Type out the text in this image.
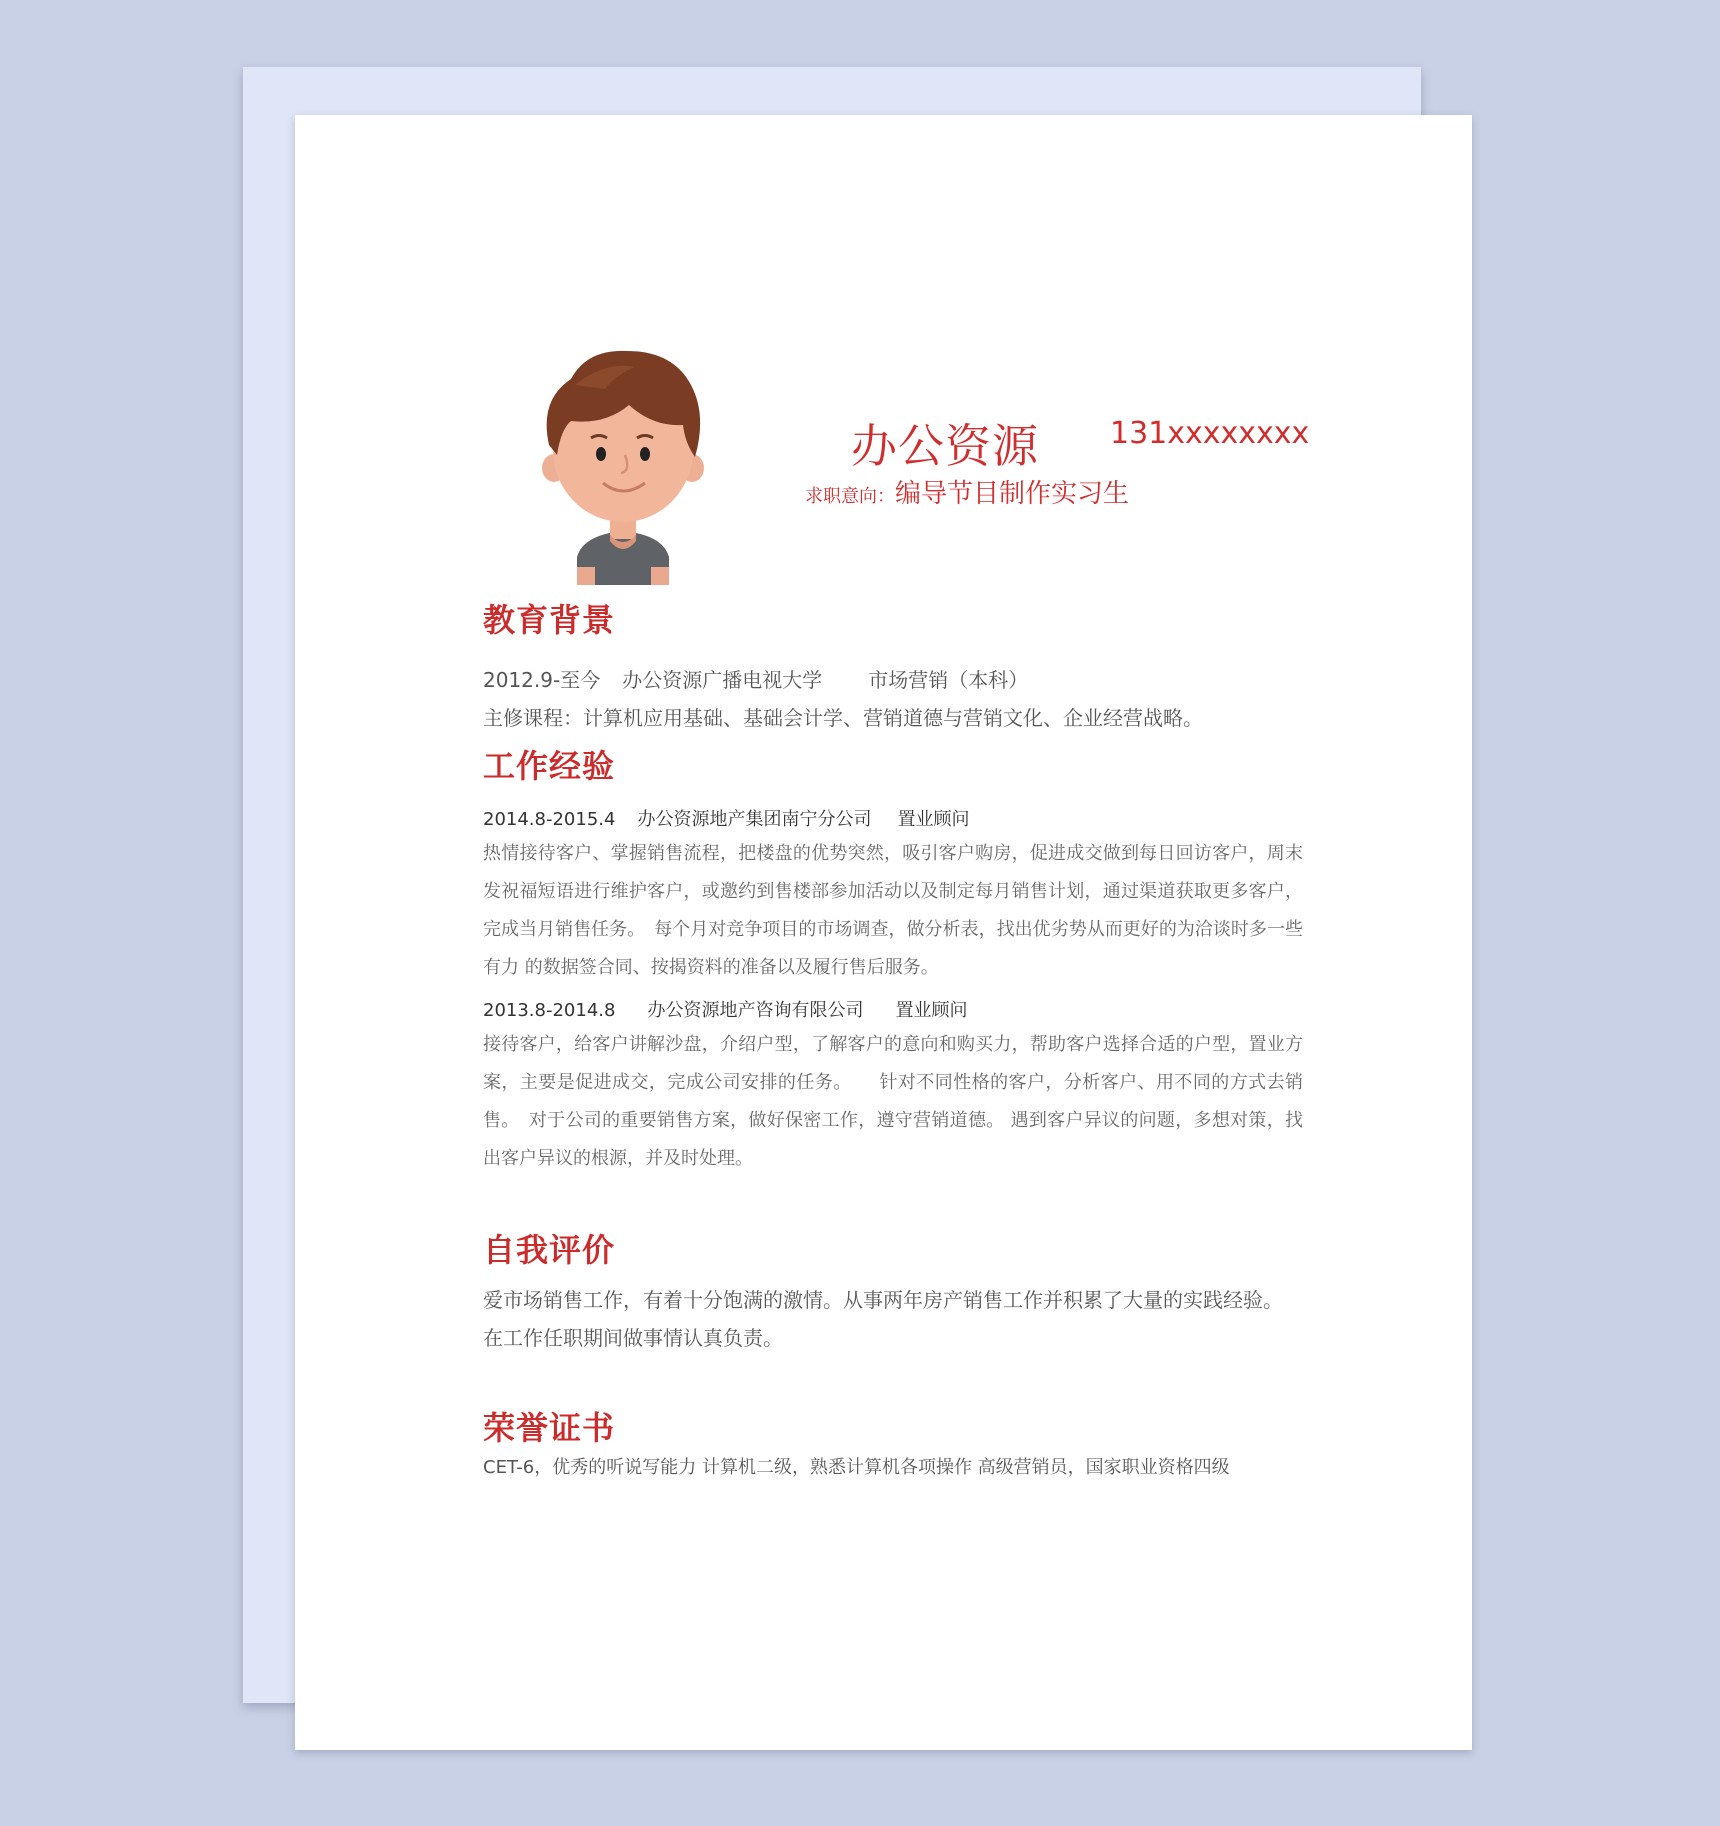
办公资源 131xxxxxxxx
求职意向：编导节目制作实习生
教育背景
2012.9-至今 办公资源广播电视大学 市场营销（本科）
主修课程：计算机应用基础、基础会计学、营销道德与营销文化、企业经营战略。
工作经验
2014.8-2015.4 办公资源地产集团南宁分公司 置业顾问
热情接待客户、掌握销售流程，把楼盘的优势突然，吸引客户购房，促进成交做到每日回访客户，周末发祝福短语进行维护客户，或邀约到售楼部参加活动以及制定每月销售计划，通过渠道获取更多客户，完成当月销售任务。　每个月对竞争项目的市场调查，做分析表，找出优劣势从而更好的为洽谈时多一些有力 的数据签合同、按揭资料的准备以及履行售后服务。
2013.8-2014.8 办公资源地产咨询有限公司 置业顾问
接待客户，给客户讲解沙盘，介绍户型，了解客户的意向和购买力，帮助客户选择合适的户型，置业方案，主要是促进成交，完成公司安排的任务。　　针对不同性格的客户，分析客户、用不同的方式去销售。　对于公司的重要销售方案，做好保密工作，遵守营销道德。 遇到客户异议的问题，多想对策，找出客户异议的根源，并及时处理。
自我评价
爱市场销售工作，有着十分饱满的激情。从事两年房产销售工作并积累了大量的实践经验。
在工作任职期间做事情认真负责。
荣誉证书
CET-6，优秀的听说写能力 计算机二级，熟悉计算机各项操作 高级营销员，国家职业资格四级
